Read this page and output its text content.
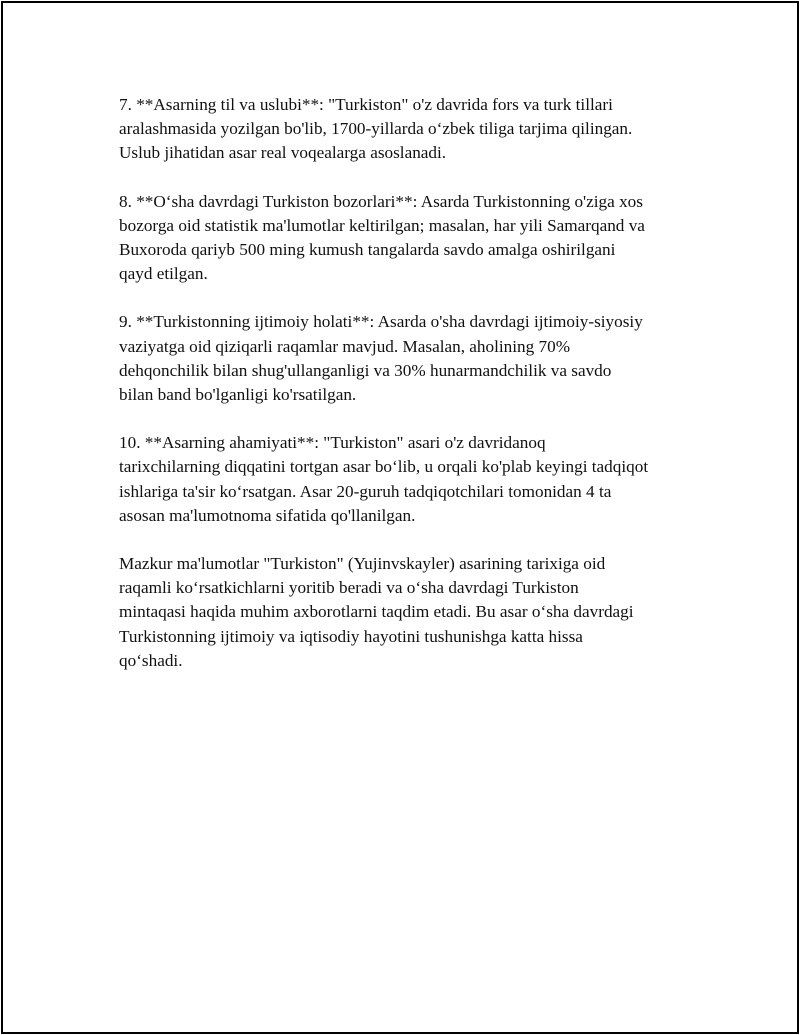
7. **Asarning til va uslubi**: "Turkiston" o'z davrida fors va turk tillari
aralashmasida yozilgan bo'lib, 1700-yillarda o‘zbek tiliga tarjima qilingan.
Uslub jihatidan asar real voqealarga asoslanadi.

8. **O‘sha davrdagi Turkiston bozorlari**: Asarda Turkistonning o'ziga xos
bozorga oid statistik ma'lumotlar keltirilgan; masalan, har yili Samarqand va
Buxoroda qariyb 500 ming kumush tangalarda savdo amalga oshirilgani
qayd etilgan.

9. **Turkistonning ijtimoiy holati**: Asarda o'sha davrdagi ijtimoiy-siyosiy
vaziyatga oid qiziqarli raqamlar mavjud. Masalan, aholining 70%
dehqonchilik bilan shug'ullanganligi va 30% hunarmandchilik va savdo
bilan band bo'lganligi ko'rsatilgan.

10. **Asarning ahamiyati**: "Turkiston" asari o'z davridanoq
tarixchilarning diqqatini tortgan asar bo‘lib, u orqali ko'plab keyingi tadqiqot
ishlariga ta'sir ko‘rsatgan. Asar 20-guruh tadqiqotchilari tomonidan 4 ta
asosan ma'lumotnoma sifatida qo'llanilgan.

Mazkur ma'lumotlar "Turkiston" (Yujinvskayler) asarining tarixiga oid
raqamli ko‘rsatkichlarni yoritib beradi va o‘sha davrdagi Turkiston
mintaqasi haqida muhim axborotlarni taqdim etadi. Bu asar o‘sha davrdagi
Turkistonning ijtimoiy va iqtisodiy hayotini tushunishga katta hissa
qo‘shadi.
